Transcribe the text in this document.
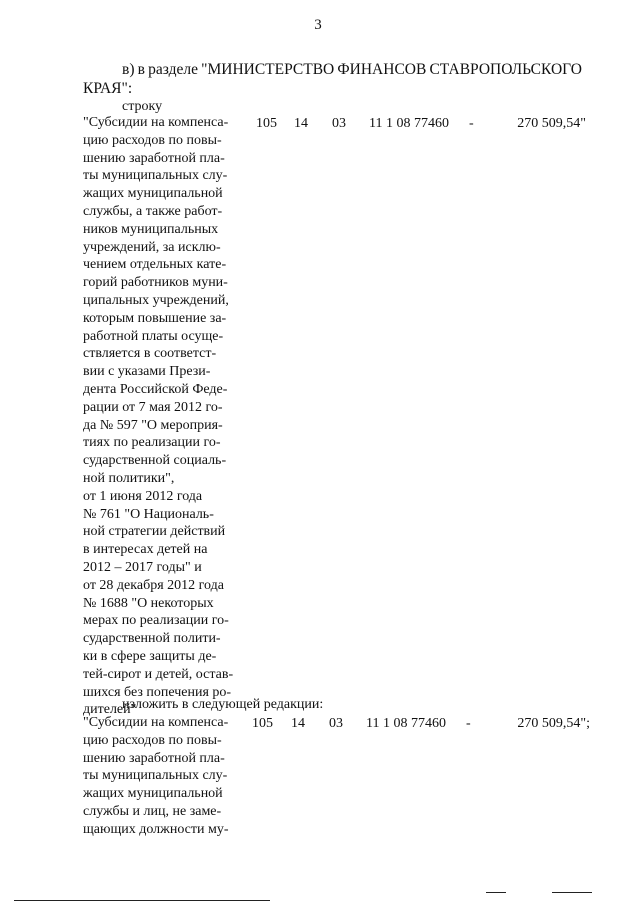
3
в) в разделе "МИНИСТЕРСТВО ФИНАНСОВ СТАВРОПОЛЬСКОГО
КРАЯ":
строку
"Субсидии на компенса-
цию расходов по повы-
шению заработной пла-
ты муниципальных слу-
жащих муниципальной
службы, а также работ-
ников муниципальных
учреждений, за исклю-
чением отдельных кате-
горий работников муни-
ципальных учреждений,
которым повышение за-
работной платы осуще-
ствляется в соответст-
вии с указами Прези-
дента Российской Феде-
рации от 7 мая 2012 го-
да № 597 "О мероприя-
тиях по реализации го-
сударственной социаль-
ной политики",
от 1 июня 2012 года
№ 761 "О Националь-
ной стратегии действий
в интересах детей на
2012 – 2017 годы" и
от 28 декабря 2012 года
№ 1688 "О некоторых
мерах по реализации го-
сударственной полити-
ки в сфере защиты де-
тей-сирот и детей, остав-
шихся без попечения ро-
дителей"
105 14 03 11 1 08 77460 -	270 509,54"
изложить в следующей редакции:
"Субсидии на компенса-
цию расходов по повы-
шению заработной пла-
ты муниципальных слу-
жащих муниципальной
службы и лиц, не заме-
щающих должности му-
105 14 03 11 1 08 77460 -	270 509,54";
